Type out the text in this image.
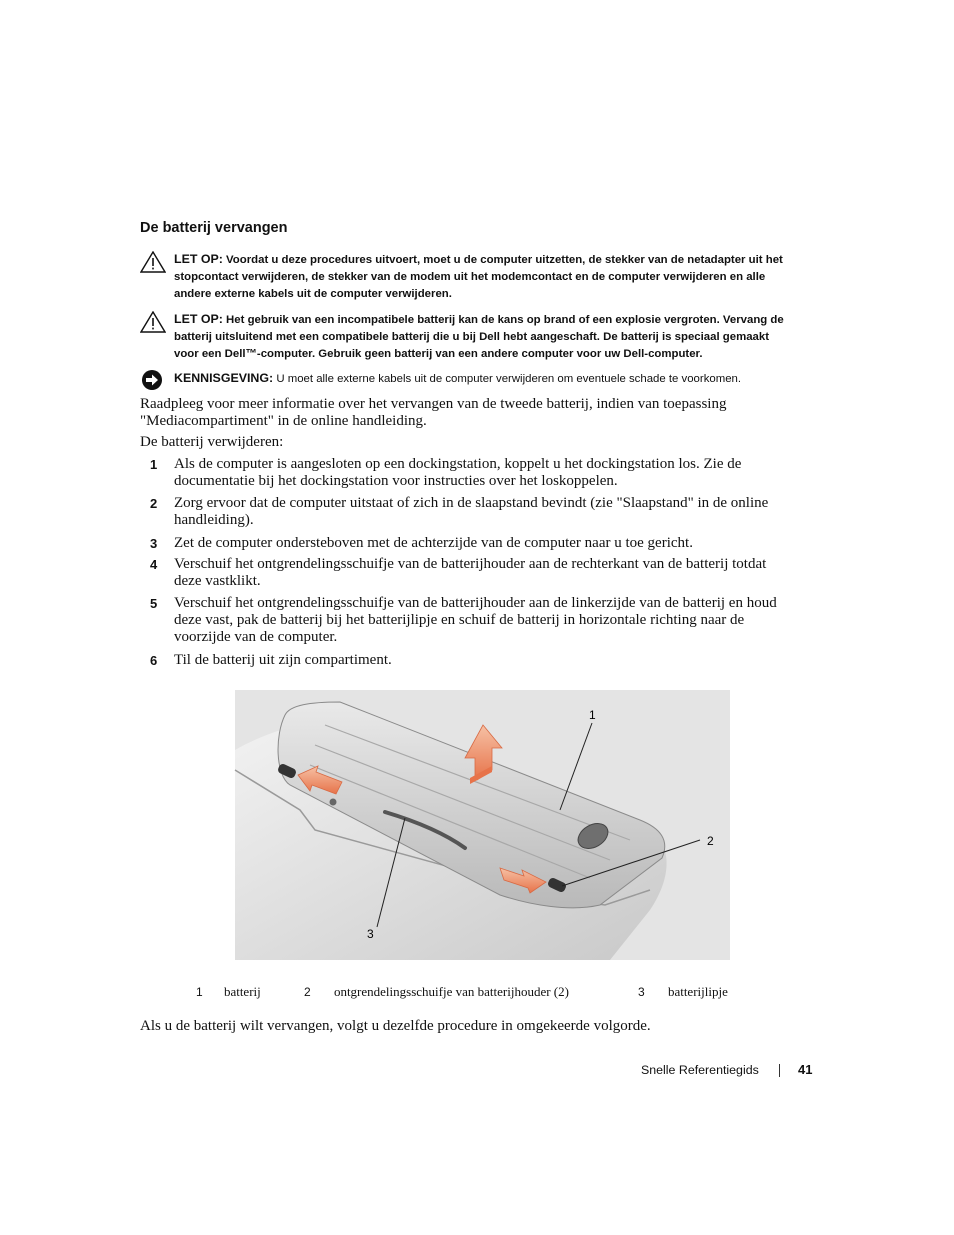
De batterij vervangen
LET OP: Voordat u deze procedures uitvoert, moet u de computer uitzetten, de stekker van de netadapter uit het
stopcontact verwijderen, de stekker van de modem uit het modemcontact en de computer verwijderen en alle
andere externe kabels uit de computer verwijderen.
LET OP: Het gebruik van een incompatibele batterij kan de kans op brand of een explosie vergroten. Vervang de
batterij uitsluitend met een compatibele batterij die u bij Dell hebt aangeschaft. De batterij is speciaal gemaakt
voor een Dell™-computer. Gebruik geen batterij van een andere computer voor uw Dell-computer.
KENNISGEVING: U moet alle externe kabels uit de computer verwijderen om eventuele schade te voorkomen.
Raadpleeg voor meer informatie over het vervangen van de tweede batterij, indien van toepassing
"Mediacompartiment" in de online handleiding.
De batterij verwijderen:
1 Als de computer is aangesloten op een dockingstation, koppelt u het dockingstation los. Zie de
documentatie bij het dockingstation voor instructies over het loskoppelen.
2 Zorg ervoor dat de computer uitstaat of zich in de slaapstand bevindt (zie "Slaapstand" in de online
handleiding).
3 Zet de computer ondersteboven met de achterzijde van de computer naar u toe gericht.
4 Verschuif het ontgrendelingsschuifje van de batterijhouder aan de rechterkant van de batterij totdat
deze vastklikt.
5 Verschuif het ontgrendelingsschuifje van de batterijhouder aan de linkerzijde van de batterij en houd
deze vast, pak de batterij bij het batterijlipje en schuif de batterij in horizontale richting naar de
voorzijde van de computer.
6 Til de batterij uit zijn compartiment.
1
2
3
1 batterij	2 ontgrendelingsschuifje van batterijhouder (2)	3 batterijlipje
Als u de batterij wilt vervangen, volgt u dezelfde procedure in omgekeerde volgorde.
Snelle Referentiegids	41
